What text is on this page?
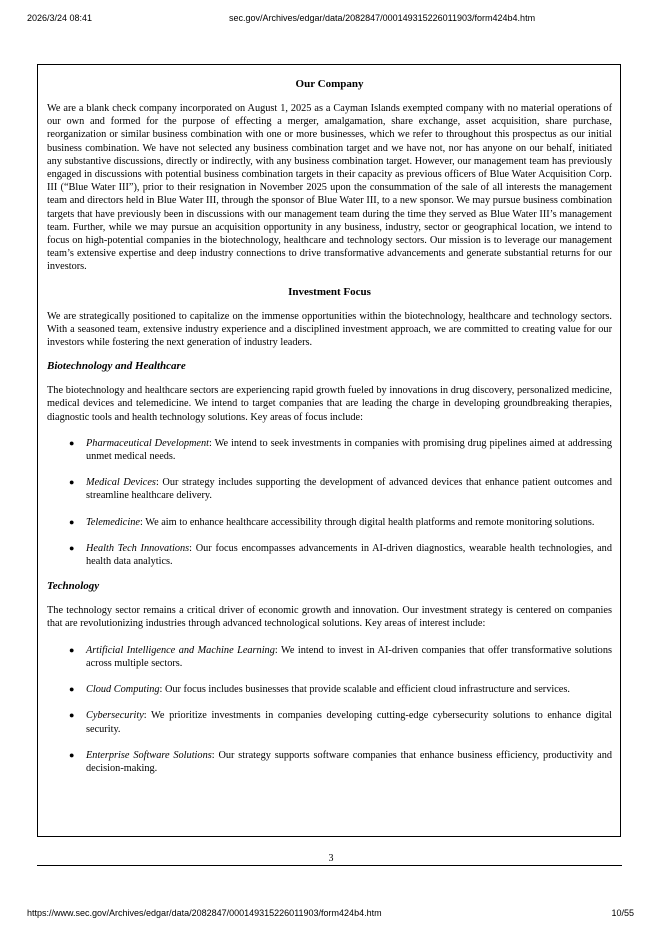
2026/3/24 08:41	sec.gov/Archives/edgar/data/2082847/000149315226011903/form424b4.htm

Our Company

We are a blank check company incorporated on August 1, 2025 as a Cayman Islands exempted company with no material operations of our own and formed for the purpose of effecting a merger, amalgamation, share exchange, asset acquisition, share purchase, reorganization or similar business combination with one or more businesses, which we refer to throughout this prospectus as our initial business combination. We have not selected any business combination target and we have not, nor has anyone on our behalf, initiated any substantive discussions, directly or indirectly, with any business combination target. However, our management team has previously engaged in discussions with potential business combination targets in their capacity as previous officers of Blue Water Acquisition Corp. III (“Blue Water III”), prior to their resignation in November 2025 upon the consummation of the sale of all interests the management team and directors held in Blue Water III, through the sponsor of Blue Water III, to a new sponsor. We may pursue business combination targets that have previously been in discussions with our management team during the time they served as Blue Water III’s management team. Further, while we may pursue an acquisition opportunity in any business, industry, sector or geographical location, we intend to focus on high-potential companies in the biotechnology, healthcare and technology sectors. Our mission is to leverage our management team’s extensive expertise and deep industry connections to drive transformative advancements and generate substantial returns for our investors.

Investment Focus

We are strategically positioned to capitalize on the immense opportunities within the biotechnology, healthcare and technology sectors. With a seasoned team, extensive industry experience and a disciplined investment approach, we are committed to creating value for our investors while fostering the next generation of industry leaders.

Biotechnology and Healthcare

The biotechnology and healthcare sectors are experiencing rapid growth fueled by innovations in drug discovery, personalized medicine, medical devices and telemedicine. We intend to target companies that are leading the charge in developing groundbreaking therapies, diagnostic tools and health technology solutions. Key areas of focus include:

● Pharmaceutical Development: We intend to seek investments in companies with promising drug pipelines aimed at addressing unmet medical needs.

● Medical Devices: Our strategy includes supporting the development of advanced devices that enhance patient outcomes and streamline healthcare delivery.

● Telemedicine: We aim to enhance healthcare accessibility through digital health platforms and remote monitoring solutions.

● Health Tech Innovations: Our focus encompasses advancements in AI-driven diagnostics, wearable health technologies, and health data analytics.

Technology

The technology sector remains a critical driver of economic growth and innovation. Our investment strategy is centered on companies that are revolutionizing industries through advanced technological solutions. Key areas of interest include:

● Artificial Intelligence and Machine Learning: We intend to invest in AI-driven companies that offer transformative solutions across multiple sectors.

● Cloud Computing: Our focus includes businesses that provide scalable and efficient cloud infrastructure and services.

● Cybersecurity: We prioritize investments in companies developing cutting-edge cybersecurity solutions to enhance digital security.

● Enterprise Software Solutions: Our strategy supports software companies that enhance business efficiency, productivity and decision-making.

3
https://www.sec.gov/Archives/edgar/data/2082847/000149315226011903/form424b4.htm	10/55
